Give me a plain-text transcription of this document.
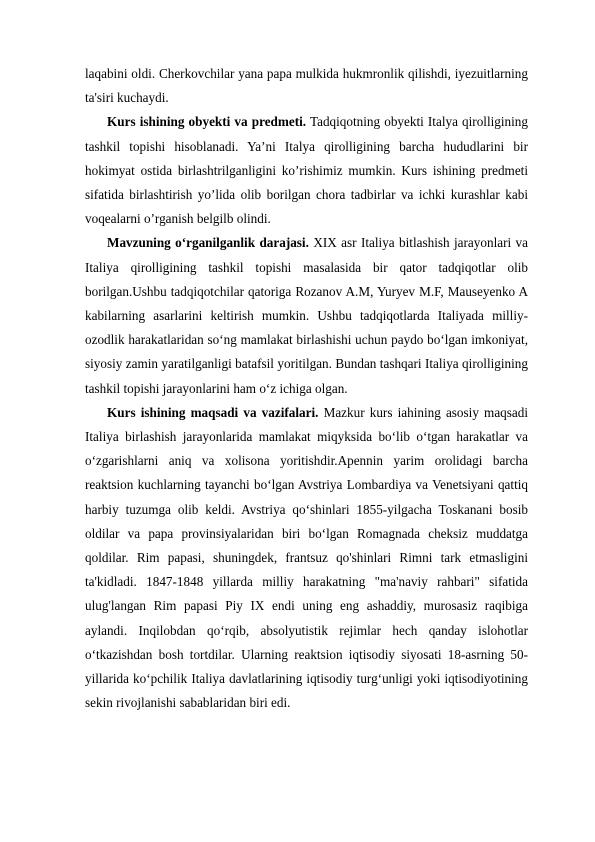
laqabini oldi. Cherkovchilar yana papa mulkida hukmronlik qilishdi, iyezuitlarning ta'siri kuchaydi.

Kurs ishining obyekti va predmeti. Tadqiqotning obyekti Italya qirolligining tashkil topishi hisoblanadi. Ya’ni Italya qirolligining barcha hududlarini bir hokimyat ostida birlashtrilganligini ko’rishimiz mumkin. Kurs ishining predmeti sifatida birlashtirish yo’lida olib borilgan chora tadbirlar va ichki kurashlar kabi voqealarni o’rganish belgilb olindi.

Mavzuning o‘rganilganlik darajasi. XIX asr Italiya bitlashish jarayonlari va Italiya qirolligining tashkil topishi masalasida bir qator tadqiqotlar olib borilgan.Ushbu tadqiqotchilar qatoriga Rozanov A.M, Yuryev M.F, Mauseyenko A kabilarning asarlarini keltirish mumkin. Ushbu tadqiqotlarda Italiyada milliy-ozodlik harakatlaridan so‘ng mamlakat birlashishi uchun paydo bo‘lgan imkoniyat, siyosiy zamin yaratilganligi batafsil yoritilgan. Bundan tashqari Italiya qirolligining tashkil topishi jarayonlarini ham o‘z ichiga olgan.

Kurs ishining maqsadi va vazifalari. Mazkur kurs iahining asosiy maqsadi Italiya birlashish jarayonlarida mamlakat miqyksida bo‘lib o‘tgan harakatlar va o‘zgarishlarni aniq va xolisona yoritishdir.Apennin yarim orolidagi barcha reaktsion kuchlarning tayanchi bo‘lgan Avstriya Lombardiya va Venetsiyani qattiq harbiy tuzumga olib keldi. Avstriya qo‘shinlari 1855-yilgacha Toskanani bosib oldilar va papa provinsiyalaridan biri bo‘lgan Romagnada cheksiz muddatga qoldilar. Rim papasi, shuningdek, frantsuz qo'shinlari Rimni tark etmasligini ta'kidladi. 1847-1848 yillarda milliy harakatning "ma'naviy rahbari" sifatida ulug'langan Rim papasi Piy IX endi uning eng ashaddiy, murosasiz raqibiga aylandi. Inqilobdan qo‘rqib, absolyutistik rejimlar hech qanday islohotlar o‘tkazishdan bosh tortdilar. Ularning reaktsion iqtisodiy siyosati 18-asrning 50-yillarida ko‘pchilik Italiya davlatlarining iqtisodiy turg‘unligi yoki iqtisodiyotining sekin rivojlanishi sabablaridan biri edi.
